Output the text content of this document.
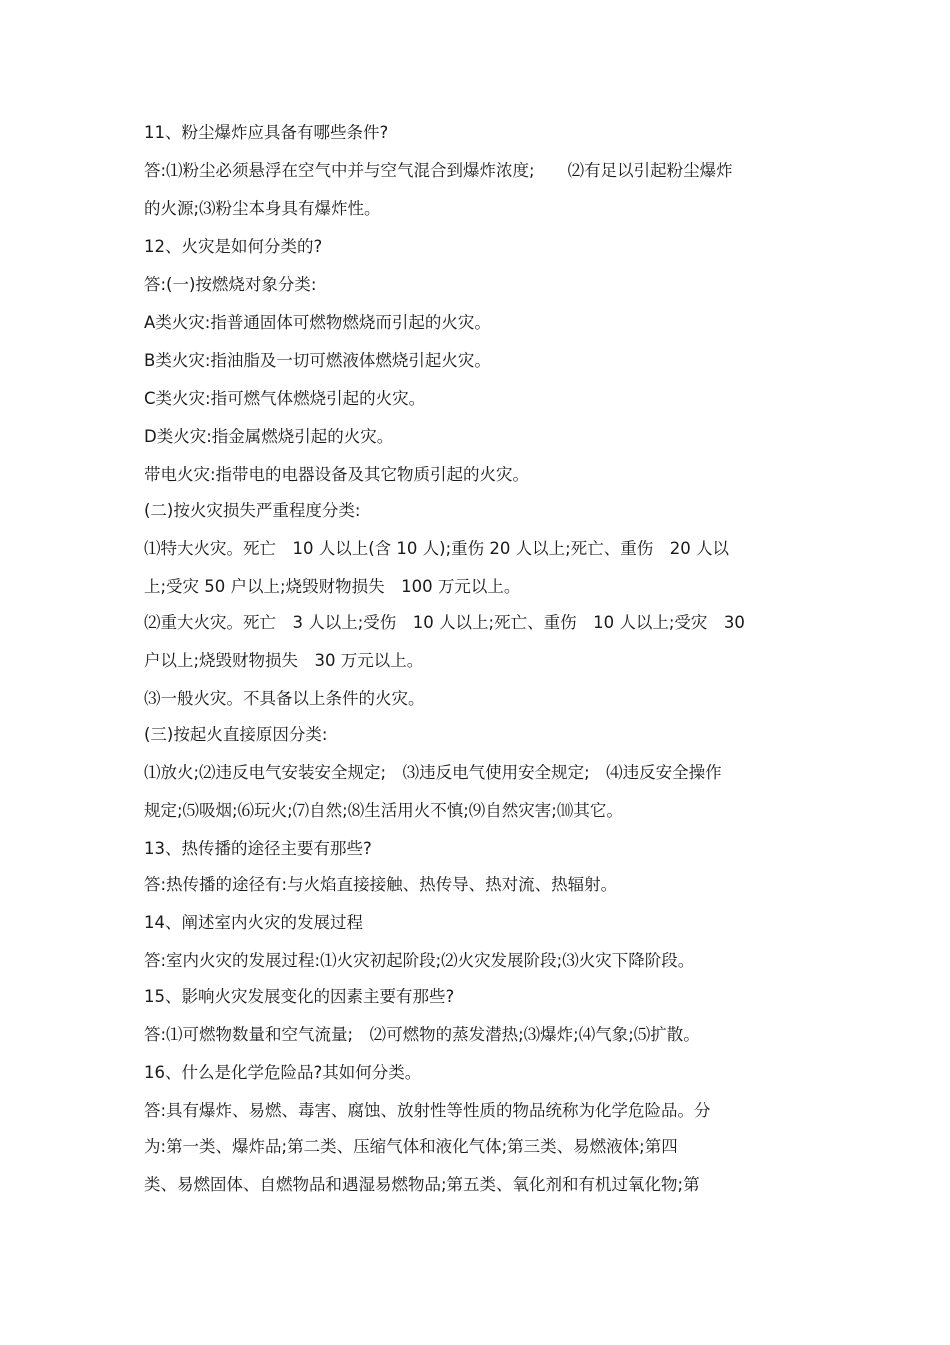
11、粉尘爆炸应具备有哪些条件?
答:⑴粉尘必须悬浮在空气中并与空气混合到爆炸浓度;　　⑵有足以引起粉尘爆炸
的火源;⑶粉尘本身具有爆炸性。
12、火灾是如何分类的?
答:(一)按燃烧对象分类:
A类火灾:指普通固体可燃物燃烧而引起的火灾。
B类火灾:指油脂及一切可燃液体燃烧引起火灾。
C类火灾:指可燃气体燃烧引起的火灾。
D类火灾:指金属燃烧引起的火灾。
带电火灾:指带电的电器设备及其它物质引起的火灾。
(二)按火灾损失严重程度分类:
⑴特大火灾。死亡　10 人以上(含 10 人);重伤 20 人以上;死亡、重伤　20 人以
上;受灾 50 户以上;烧毁财物损失　100 万元以上。
⑵重大火灾。死亡　3 人以上;受伤　10 人以上;死亡、重伤　10 人以上;受灾　30
户以上;烧毁财物损失　30 万元以上。
⑶一般火灾。不具备以上条件的火灾。
(三)按起火直接原因分类:
⑴放火;⑵违反电气安装安全规定;　⑶违反电气使用安全规定;　⑷违反安全操作
规定;⑸吸烟;⑹玩火;⑺自然;⑻生活用火不慎;⑼自然灾害;⑽其它。
13、热传播的途径主要有那些?
答:热传播的途径有:与火焰直接接触、热传导、热对流、热辐射。
14、阐述室内火灾的发展过程
答:室内火灾的发展过程:⑴火灾初起阶段;⑵火灾发展阶段;⑶火灾下降阶段。
15、影响火灾发展变化的因素主要有那些?
答:⑴可燃物数量和空气流量;　⑵可燃物的蒸发潜热;⑶爆炸;⑷气象;⑸扩散。
16、什么是化学危险品?其如何分类。
答:具有爆炸、易燃、毒害、腐蚀、放射性等性质的物品统称为化学危险品。分
为:第一类、爆炸品;第二类、压缩气体和液化气体;第三类、易燃液体;第四
类、易燃固体、自燃物品和遇湿易燃物品;第五类、氧化剂和有机过氧化物;第
